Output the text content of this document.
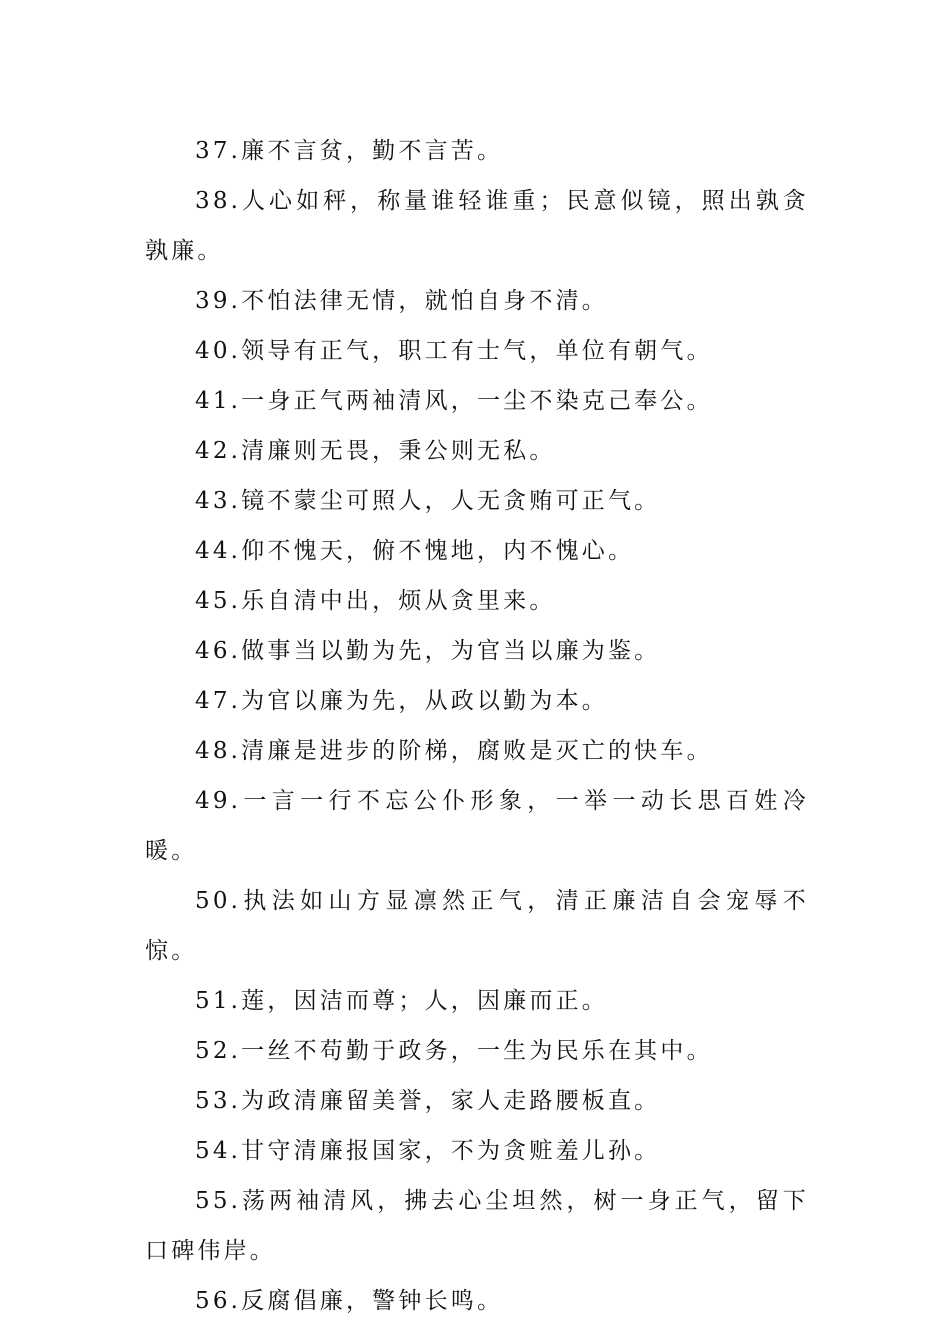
37.廉不言贫，勤不言苦。

38.人心如秤，称量谁轻谁重；民意似镜，照出孰贪孰廉。

39.不怕法律无情，就怕自身不清。

40.领导有正气，职工有士气，单位有朝气。

41.一身正气两袖清风，一尘不染克己奉公。

42.清廉则无畏，秉公则无私。

43.镜不蒙尘可照人，人无贪贿可正气。

44.仰不愧天，俯不愧地，内不愧心。

45.乐自清中出，烦从贪里来。

46.做事当以勤为先，为官当以廉为鉴。

47.为官以廉为先，从政以勤为本。

48.清廉是进步的阶梯，腐败是灭亡的快车。

49.一言一行不忘公仆形象，一举一动长思百姓冷暖。

50.执法如山方显凛然正气，清正廉洁自会宠辱不惊。

51.莲，因洁而尊；人，因廉而正。

52.一丝不苟勤于政务，一生为民乐在其中。

53.为政清廉留美誉，家人走路腰板直。

54.甘守清廉报国家，不为贪赃羞儿孙。

55.荡两袖清风，拂去心尘坦然，树一身正气，留下口碑伟岸。

56.反腐倡廉，警钟长鸣。
